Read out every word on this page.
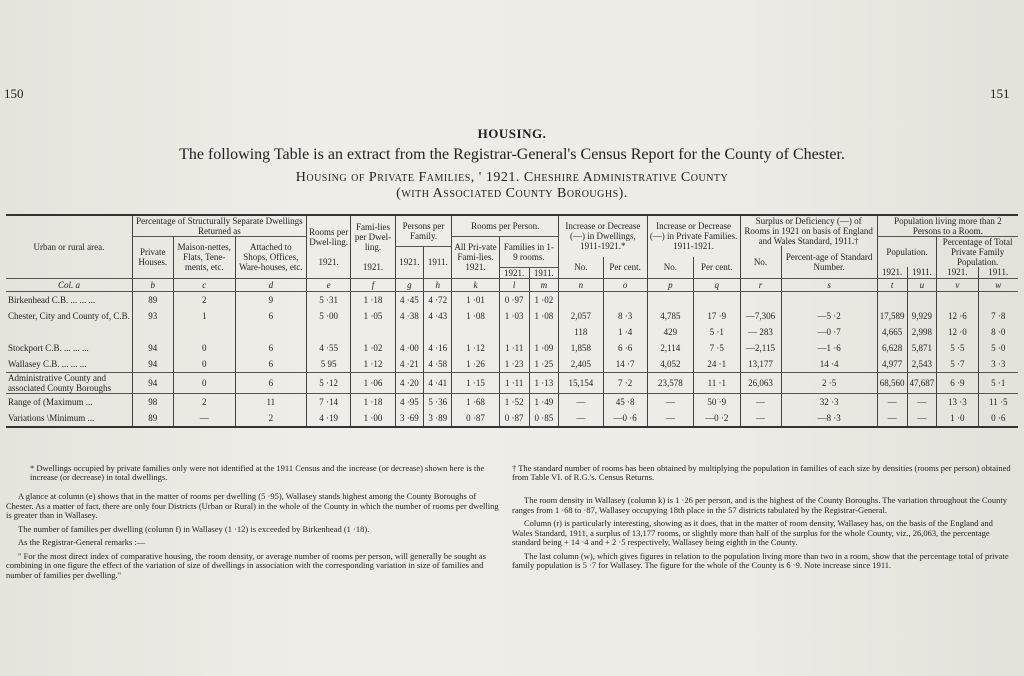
150	151
HOUSING.
The following Table is an extract from the Registrar-General's Census Report for the County of Chester.
Housing of Private Families, ' 1921. Cheshire Administrative County
(with Associated County Boroughs).
Urban or rural area.	Percentage of Structurally Separate Dwellings Returned as			Rooms per Dwel-ling.

1921.	Fami-lies per Dwel-ling.

1921.	Persons per Family.		Rooms per Person.			Increase or Decrease (—) in Dwellings, 1911-1921.*		Increase or Decrease (—) in Private Families. 1911-1921.		Surplus or Deficiency (—) of Rooms in 1921 on basis of England and Wales Standard, 1911.†		Population living more than 2 Persons to a Room.			
	Private Houses.	Maison-nettes, Flats, Tene-ments, etc.	Attached to Shops, Offices, Ware-houses, etc.					All Pri-vate Fami-lies. 1921.	Families in 1-9 rooms.								Population.		Percentage of Total Private Family Population.	
						1921.	1911.								No.	Percent-age of Standard Number.				
											No.	Per cent.	No.	Per cent.						
									1921.	1911.							1921.	1911.	1921.	1911.
Col. a	b	c	d	e	f	g	h	k	l	m	n	o	p	q	r	s	t	u	v	w
Birkenhead C.B. ... ... ...	89	2	9	5 ·31	1 ·18	4 ·45	4 ·72	1 ·01	0 ·97	1 ·02										
Chester, City and County of, C.B.	93	1	6	5 ·00	1 ·05	4 ·38	4 ·43	1 ·08	1 ·03	1 ·08	2,057	8 ·3	4,785	17 ·9	—7,306	—5 ·2	17,589	9,929	12 ·6	7 ·8
											118	1 ·4	429	5 ·1	— 283	—0 ·7	4,665	2,998	12 ·0	8 ·0
Stockport C.B. ... ... ...	94	0	6	4 ·55	1 ·02	4 ·00	4 ·16	1 ·12	1 ·11	1 ·09	1,858	6 ·6	2,114	7 ·5	—2,115	—1 ·6	6,628	5,871	5 ·5	5 ·0
Wallasey C.B. ... ... ...	94	0	6	5 95	1 ·12	4 ·21	4 ·58	1 ·26	1 ·23	1 ·25	2,405	14 ·7	4,052	24 ·1	13,177	14 ·4	4,977	2,543	5 ·7	3 ·3
Administrative County and associated County Boroughs	94	0	6	5 ·12	1 ·06	4 ·20	4 ·41	1 ·15	1 ·11	1 ·13	15,154	7 ·2	23,578	11 ·1	26,063	2 ·5	68,560	47,687	6 ·9	5 ·1
Range of (Maximum ...	98	2	11	7 ·14	1 ·18	4 ·95	5 ·36	1 ·68	1 ·52	1 ·49	—	45 ·8	—	50 ·9	—	32 ·3	—	—	13 ·3	11 ·5
Variations \Minimum ...	89	—	2	4 ·19	1 ·00	3 ·69	3 ·89	0 ·87	0 ·87	0 ·85	—	—0 ·6	—	—0 ·2	—	—8 ·3	—	—	1 ·0	0 ·6
* Dwellings occupied by private families only were not identified at the 1911 Census and the increase (or decrease) shown here is the increase (or decrease) in total dwellings.
† The standard number of rooms has been obtained by multiplying the population in families of each size by densities (rooms per person) obtained from Table VI. of R.G.'s. Census Returns.

A glance at column (e) shows that in the matter of rooms per dwelling (5 ·95), Wallasey stands highest among the County Boroughs of Chester. As a matter of fact, there are only four Districts (Urban or Rural) in the whole of the County in which the number of rooms per dwelling is greater than in Wallasey.

The number of families per dwelling (column f) in Wallasey (1 ·12) is exceeded by Birkenhead (1 ·18).

As the Registrar-General remarks :—

" For the most direct index of comparative housing, the room density, or average number of rooms per person, will generally be sought as combining in one figure the effect of the variation of size of dwellings in association with the corresponding variation in size of families and number of families per dwelling."

The room density in Wallasey (column k) is 1 ·26 per person, and is the highest of the County Boroughs. The variation throughout the County ranges from 1 ·68 to ·87, Wallasey occupying 18th place in the 57 districts tabulated by the Registrar-General.

Column (r) is particularly interesting, showing as it does, that in the matter of room density, Wallasey has, on the basis of the England and Wales Standard, 1911, a surplus of 13,177 rooms, or slightly more than half of the surplus for the whole County, viz., 26,063, the percentage standard being + 14 ·4 and + 2 ·5 respectively, Wallasey being eighth in the County.

The last column (w), which gives figures in relation to the population living more than two in a room, show that the percentage total of private family population is 5 ·7 for Wallasey. The figure for the whole of the County is 6 ·9. Note increase since 1911.
